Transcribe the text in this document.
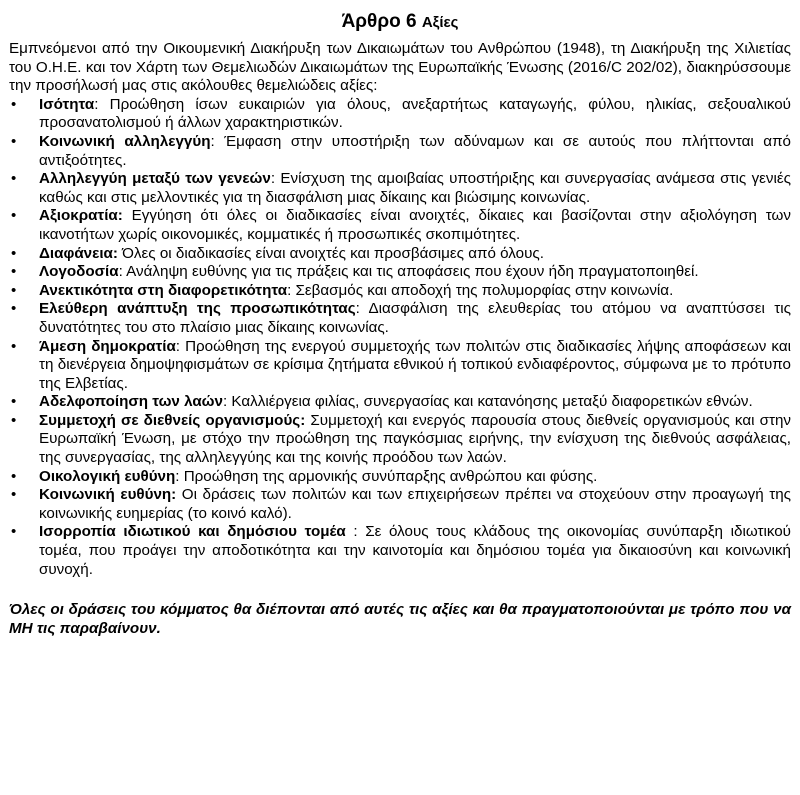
Άρθρο 6 Αξίες

Εμπνεόμενοι από την Οικουμενική Διακήρυξη των Δικαιωμάτων του Ανθρώπου (1948), τη Διακήρυξη της Χιλιετίας του Ο.Η.Ε. και τον Χάρτη των Θεμελιωδών Δικαιωμάτων της Ευρωπαϊκής Ένωσης (2016/C 202/02), διακηρύσσουμε την προσήλωσή μας στις ακόλουθες θεμελιώδεις αξίες:

• Ισότητα: Προώθηση ίσων ευκαιριών για όλους, ανεξαρτήτως καταγωγής, φύλου, ηλικίας, σεξουαλικού προσανατολισμού ή άλλων χαρακτηριστικών.
• Κοινωνική αλληλεγγύη: Έμφαση στην υποστήριξη των αδύναμων και σε αυτούς που πλήττονται από αντιξοότητες.
• Αλληλεγγύη μεταξύ των γενεών: Ενίσχυση της αμοιβαίας υποστήριξης και συνεργασίας ανάμεσα στις γενιές καθώς και στις μελλοντικές για τη διασφάλιση μιας δίκαιης και βιώσιμης κοινωνίας.
• Αξιοκρατία: Εγγύηση ότι όλες οι διαδικασίες είναι ανοιχτές, δίκαιες και βασίζονται στην αξιολόγηση των ικανοτήτων χωρίς οικονομικές, κομματικές ή προσωπικές σκοπιμότητες.
• Διαφάνεια: Όλες οι διαδικασίες είναι ανοιχτές και προσβάσιμες από όλους.
• Λογοδοσία: Ανάληψη ευθύνης για τις πράξεις και τις αποφάσεις που έχουν ήδη πραγματοποιηθεί.
• Ανεκτικότητα στη διαφορετικότητα: Σεβασμός και αποδοχή της πολυμορφίας στην κοινωνία.
• Ελεύθερη ανάπτυξη της προσωπικότητας: Διασφάλιση της ελευθερίας του ατόμου να αναπτύσσει τις δυνατότητες του στο πλαίσιο μιας δίκαιης κοινωνίας.
• Άμεση δημοκρατία: Προώθηση της ενεργού συμμετοχής των πολιτών στις διαδικασίες λήψης αποφάσεων και τη διενέργεια δημοψηφισμάτων σε κρίσιμα ζητήματα εθνικού ή τοπικού ενδιαφέροντος, σύμφωνα με το πρότυπο της Ελβετίας.
• Αδελφοποίηση των λαών: Καλλιέργεια φιλίας, συνεργασίας και κατανόησης μεταξύ διαφορετικών εθνών.
• Συμμετοχή σε διεθνείς οργανισμούς: Συμμετοχή και ενεργός παρουσία στους διεθνείς οργανισμούς και στην Ευρωπαϊκή Ένωση, με στόχο την προώθηση της παγκόσμιας ειρήνης, την ενίσχυση της διεθνούς ασφάλειας, της συνεργασίας, της αλληλεγγύης και της κοινής προόδου των λαών.
• Οικολογική ευθύνη: Προώθηση της αρμονικής συνύπαρξης ανθρώπου και φύσης.
• Κοινωνική ευθύνη: Οι δράσεις των πολιτών και των επιχειρήσεων πρέπει να στοχεύουν στην προαγωγή της κοινωνικής ευημερίας (το κοινό καλό).
• Ισορροπία ιδιωτικού και δημόσιου τομέα : Σε όλους τους κλάδους της οικονομίας συνύπαρξη ιδιωτικού τομέα, που προάγει την αποδοτικότητα και την καινοτομία και δημόσιου τομέα για δικαιοσύνη και κοινωνική συνοχή.

Όλες οι δράσεις του κόμματος θα διέπονται από αυτές τις αξίες και θα πραγματοποιούνται με τρόπο που να ΜΗ τις παραβαίνουν.
